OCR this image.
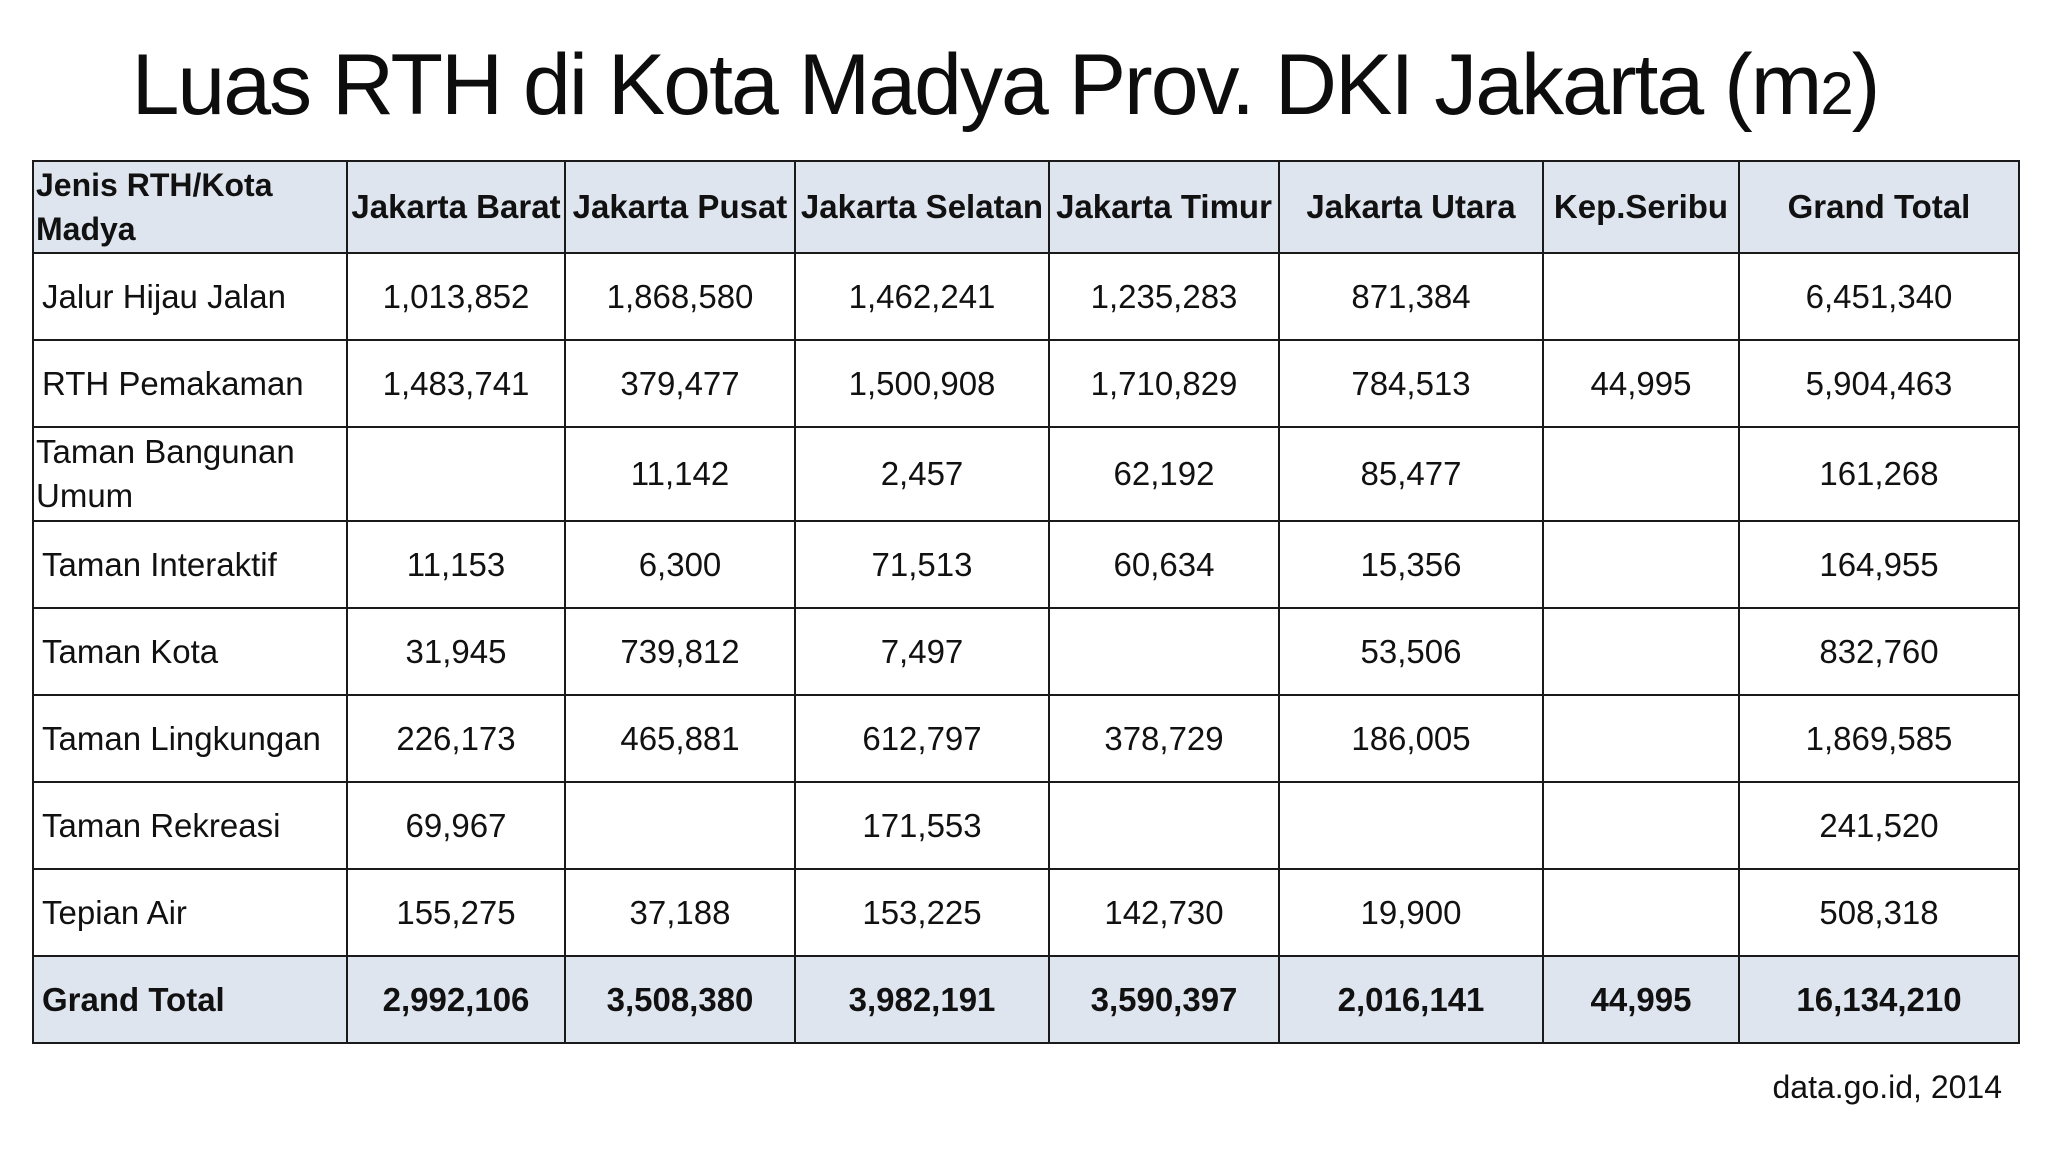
Luas RTH di Kota Madya Prov. DKI Jakarta (m2)
Jenis RTH/Kota Madya	Jakarta Barat	Jakarta Pusat	Jakarta Selatan	Jakarta Timur	Jakarta Utara	Kep.Seribu	Grand Total
Jalur Hijau Jalan	1,013,852	1,868,580	1,462,241	1,235,283	871,384		6,451,340
RTH Pemakaman	1,483,741	379,477	1,500,908	1,710,829	784,513	44,995	5,904,463
Taman Bangunan Umum		11,142	2,457	62,192	85,477		161,268
Taman Interaktif	11,153	6,300	71,513	60,634	15,356		164,955
Taman Kota	31,945	739,812	7,497		53,506		832,760
Taman Lingkungan	226,173	465,881	612,797	378,729	186,005		1,869,585
Taman Rekreasi	69,967		171,553				241,520
Tepian Air	155,275	37,188	153,225	142,730	19,900		508,318
Grand Total	2,992,106	3,508,380	3,982,191	3,590,397	2,016,141	44,995	16,134,210
data.go.id, 2014
